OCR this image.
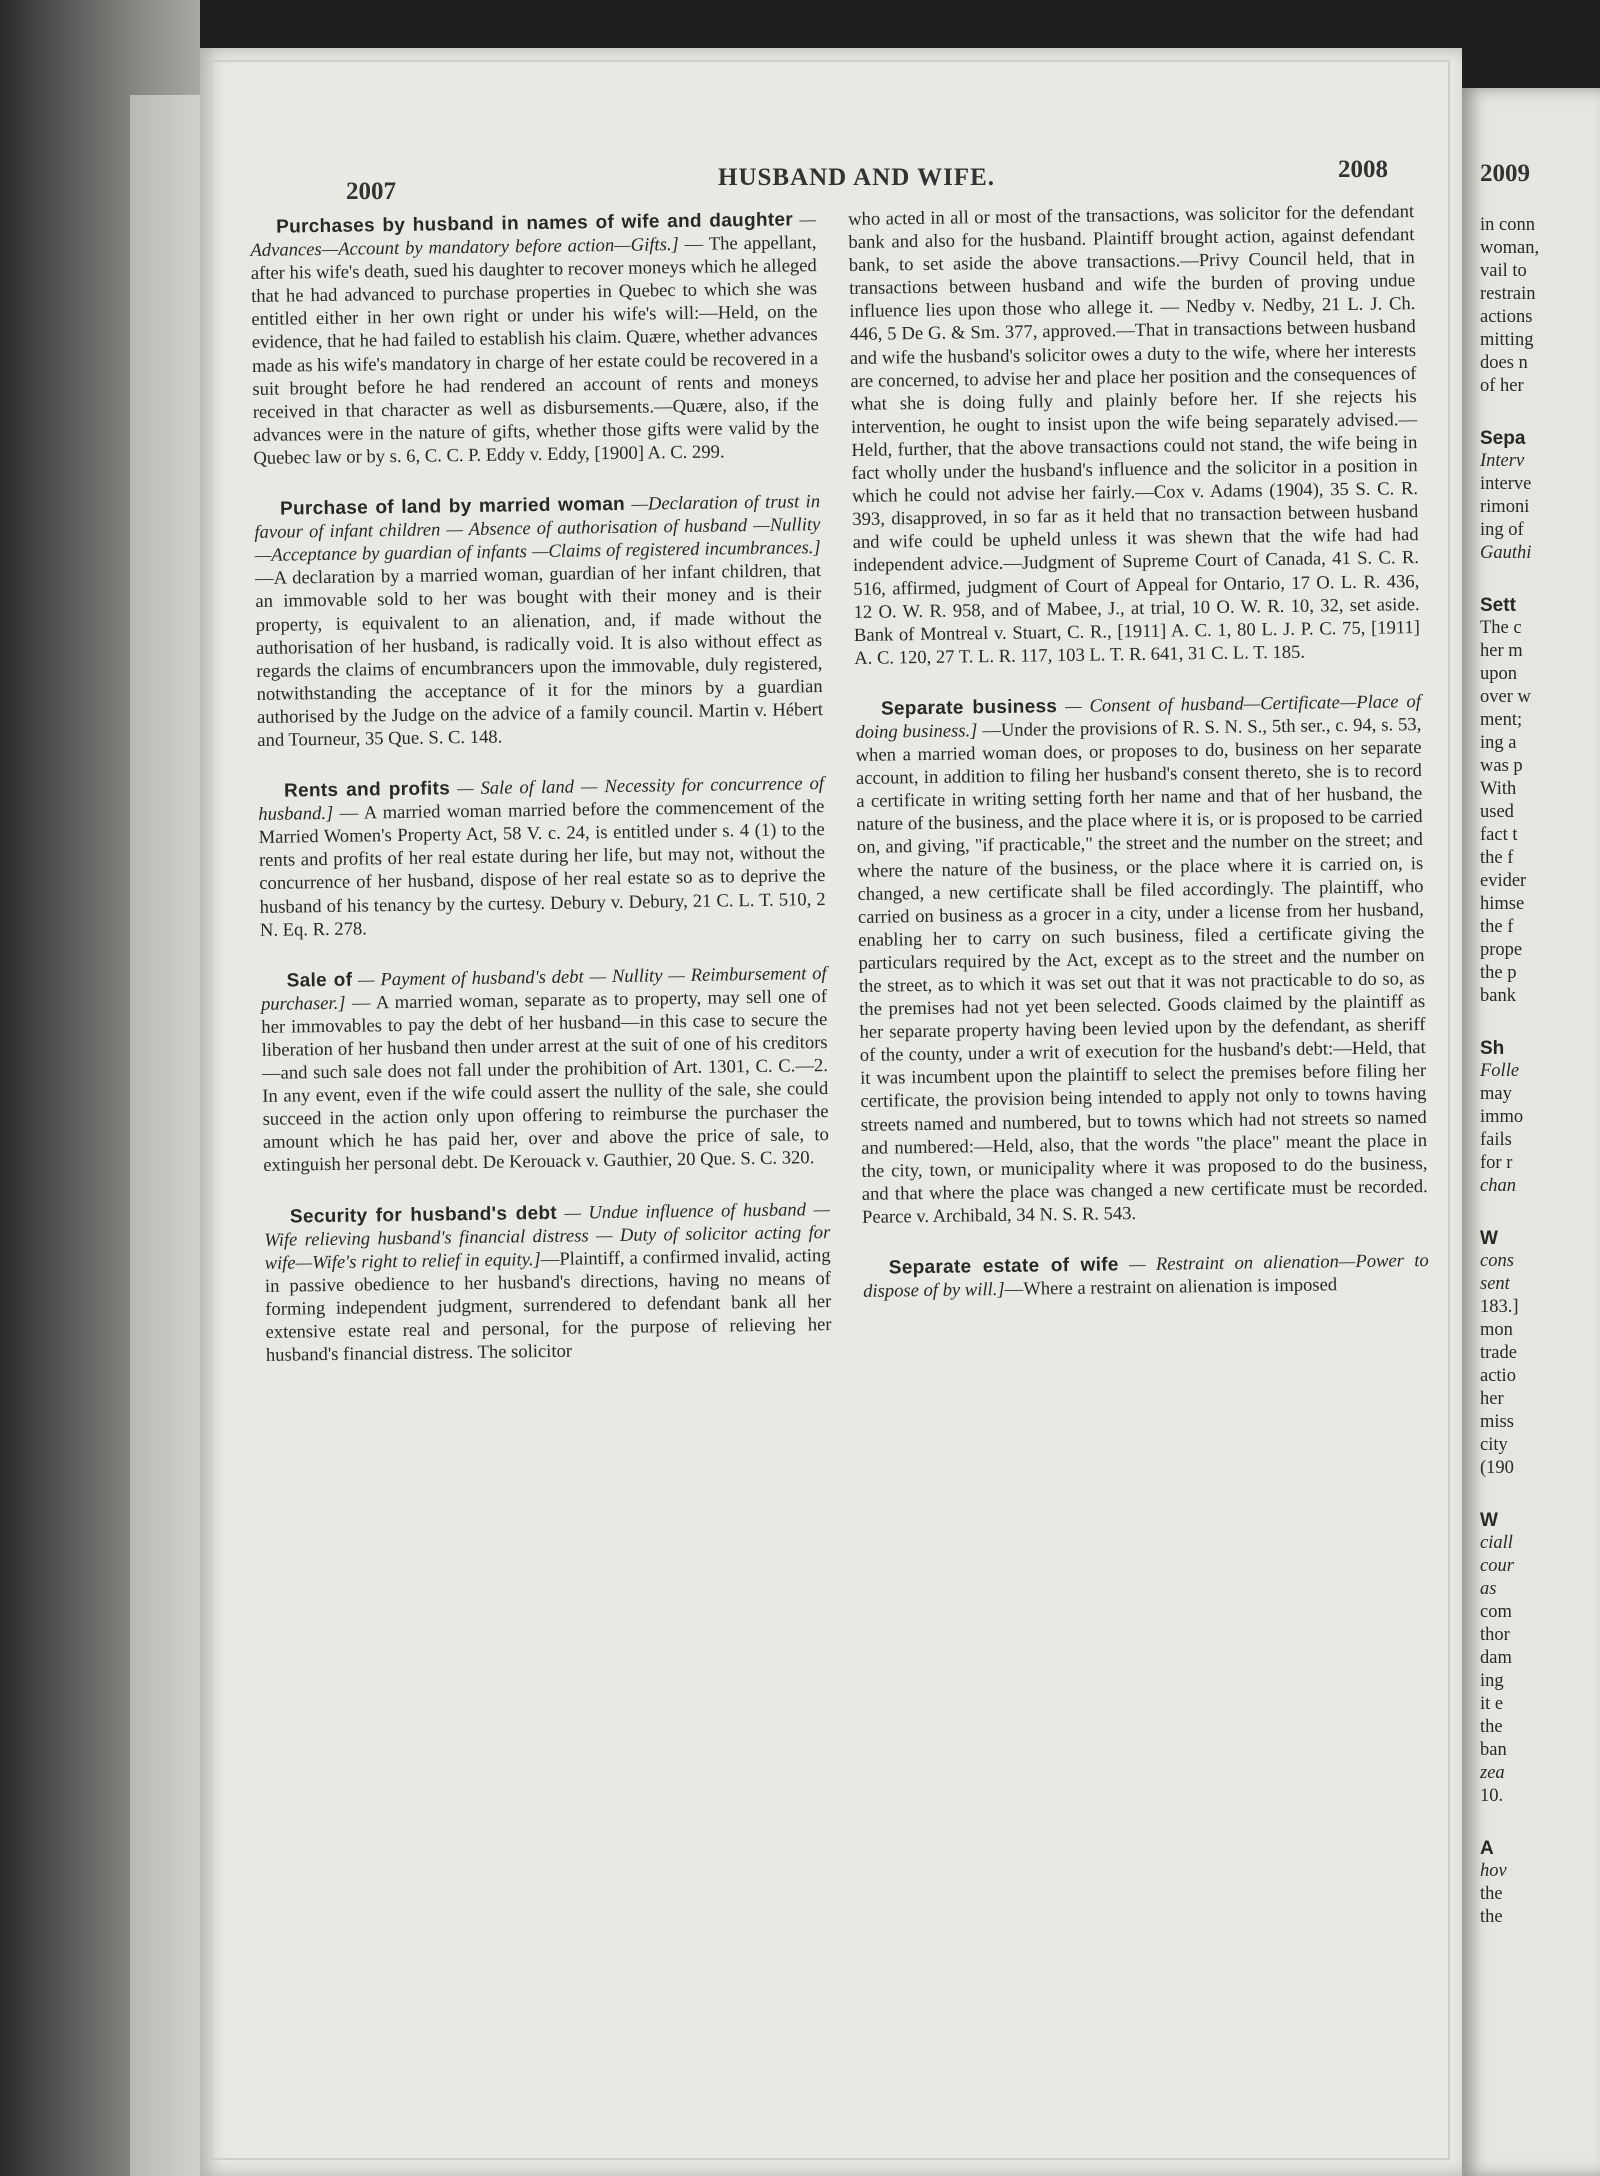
2007
HUSBAND AND WIFE.	2008
Purchases by husband in names of wife and daughter — Advances—Account by mandatory before action—Gifts.] — The appellant, after his wife's death, sued his daughter to recover moneys which he alleged that he had advanced to purchase properties in Quebec to which she was entitled either in her own right or under his wife's will:—Held, on the evidence, that he had failed to establish his claim. Quære, whether advances made as his wife's mandatory in charge of her estate could be recovered in a suit brought before he had rendered an account of rents and moneys received in that character as well as disbursements.—Quære, also, if the advances were in the nature of gifts, whether those gifts were valid by the Quebec law or by s. 6, C. C. P. Eddy v. Eddy, [1900] A. C. 299.
Purchase of land by married woman —Declaration of trust in favour of infant children — Absence of authorisation of husband —Nullity—Acceptance by guardian of infants —Claims of registered incumbrances.]—A declaration by a married woman, guardian of her infant children, that an immovable sold to her was bought with their money and is their property, is equivalent to an alienation, and, if made without the authorisation of her husband, is radically void. It is also without effect as regards the claims of encumbrancers upon the immovable, duly registered, notwithstanding the acceptance of it for the minors by a guardian authorised by the Judge on the advice of a family council. Martin v. Hébert and Tourneur, 35 Que. S. C. 148.
Rents and profits — Sale of land — Necessity for concurrence of husband.] — A married woman married before the commencement of the Married Women's Property Act, 58 V. c. 24, is entitled under s. 4 (1) to the rents and profits of her real estate during her life, but may not, without the concurrence of her husband, dispose of her real estate so as to deprive the husband of his tenancy by the curtesy. Debury v. Debury, 21 C. L. T. 510, 2 N. Eq. R. 278.
Sale of — Payment of husband's debt — Nullity — Reimbursement of purchaser.] — A married woman, separate as to property, may sell one of her immovables to pay the debt of her husband—in this case to secure the liberation of her husband then under arrest at the suit of one of his creditors—and such sale does not fall under the prohibition of Art. 1301, C. C.—2. In any event, even if the wife could assert the nullity of the sale, she could succeed in the action only upon offering to reimburse the purchaser the amount which he has paid her, over and above the price of sale, to extinguish her personal debt. De Kerouack v. Gauthier, 20 Que. S. C. 320.
Security for husband's debt — Undue influence of husband — Wife relieving husband's financial distress — Duty of solicitor acting for wife—Wife's right to relief in equity.]—Plaintiff, a confirmed invalid, acting in passive obedience to her husband's directions, having no means of forming independent judgment, surrendered to defendant bank all her extensive estate real and personal, for the purpose of relieving her husband's financial distress. The solicitor
who acted in all or most of the transactions, was solicitor for the defendant bank and also for the husband. Plaintiff brought action, against defendant bank, to set aside the above transactions.—Privy Council held, that in transactions between husband and wife the burden of proving undue influence lies upon those who allege it. — Nedby v. Nedby, 21 L. J. Ch. 446, 5 De G. & Sm. 377, approved.—That in transactions between husband and wife the husband's solicitor owes a duty to the wife, where her interests are concerned, to advise her and place her position and the consequences of what she is doing fully and plainly before her. If she rejects his intervention, he ought to insist upon the wife being separately advised.—Held, further, that the above transactions could not stand, the wife being in fact wholly under the husband's influence and the solicitor in a position in which he could not advise her fairly.—Cox v. Adams (1904), 35 S. C. R. 393, disapproved, in so far as it held that no transaction between husband and wife could be upheld unless it was shewn that the wife had had independent advice.—Judgment of Supreme Court of Canada, 41 S. C. R. 516, affirmed, judgment of Court of Appeal for Ontario, 17 O. L. R. 436, 12 O. W. R. 958, and of Mabee, J., at trial, 10 O. W. R. 10, 32, set aside. Bank of Montreal v. Stuart, C. R., [1911] A. C. 1, 80 L. J. P. C. 75, [1911] A. C. 120, 27 T. L. R. 117, 103 L. T. R. 641, 31 C. L. T. 185.
Separate business — Consent of husband—Certificate—Place of doing business.] —Under the provisions of R. S. N. S., 5th ser., c. 94, s. 53, when a married woman does, or proposes to do, business on her separate account, in addition to filing her husband's consent thereto, she is to record a certificate in writing setting forth her name and that of her husband, the nature of the business, and the place where it is, or is proposed to be carried on, and giving, "if practicable," the street and the number on the street; and where the nature of the business, or the place where it is carried on, is changed, a new certificate shall be filed accordingly. The plaintiff, who carried on business as a grocer in a city, under a license from her husband, enabling her to carry on such business, filed a certificate giving the particulars required by the Act, except as to the street and the number on the street, as to which it was set out that it was not practicable to do so, as the premises had not yet been selected. Goods claimed by the plaintiff as her separate property having been levied upon by the defendant, as sheriff of the county, under a writ of execution for the husband's debt:—Held, that it was incumbent upon the plaintiff to select the premises before filing her certificate, the provision being intended to apply not only to towns having streets named and numbered, but to towns which had not streets so named and numbered:—Held, also, that the words "the place" meant the place in the city, town, or municipality where it was proposed to do the business, and that where the place was changed a new certificate must be recorded. Pearce v. Archibald, 34 N. S. R. 543.
Separate estate of wife — Restraint on alienation—Power to dispose of by will.]—Where a restraint on alienation is imposed
2009
in conn
woman,
vail to
restrain
actions
mitting
does n
of her
Sepa
Interv
interve
rimoni
ing of
Gauthi
Sett
The c
her m
upon
over w
ment;
ing a
was p
With
used
fact t
the f
evider
himse
the f
prope
the p
bank
Sh
Folle
may
immo
fails
for r
chan
W
cons
sent
183.]
mon
trade
actio
her
miss
city
(190
W
ciall
cour
as
com
thor
dam
ing
it e
the
ban
zea
10.
A
hov
the
the
